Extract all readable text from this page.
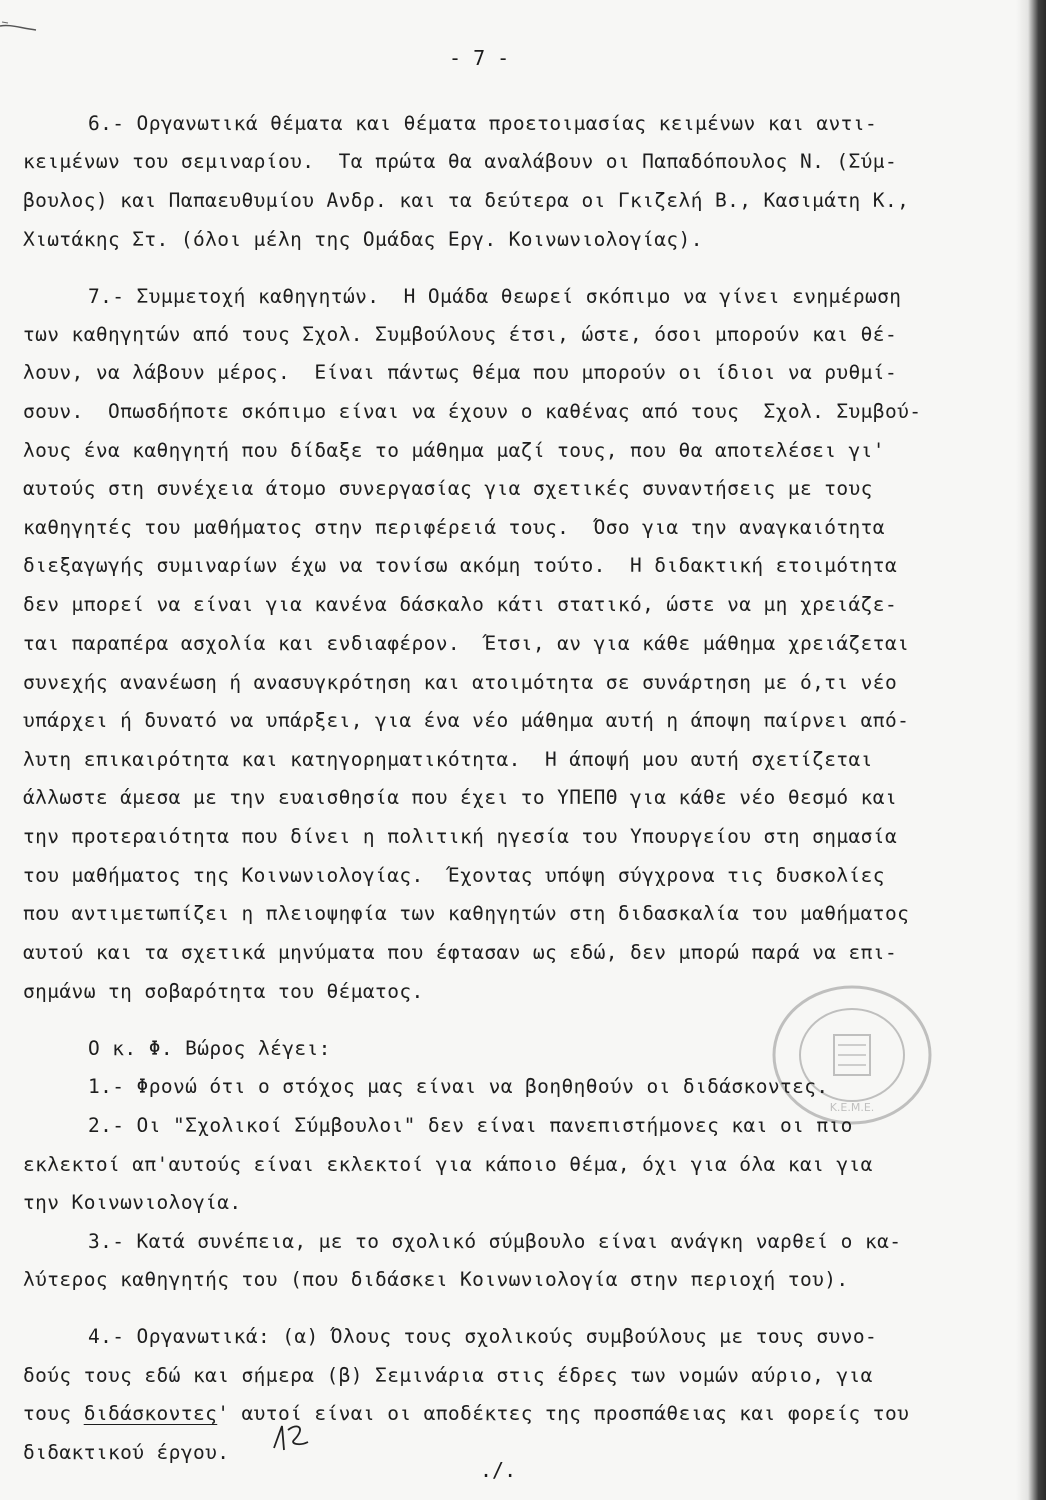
K.E.M.E.
- 7 -
6.- Οργανωτικά θέματα και θέματα προετοιμασίας κειμένων και αντι-
κειμένων του σεμιναρίου.  Τα πρώτα θα αναλάβουν οι Παπαδόπουλος Ν. (Σύμ-
βουλος) και Παπαευθυμίου Ανδρ. και τα δεύτερα οι Γκιζελή Β., Κασιμάτη Κ.,
Χιωτάκης Στ. (όλοι μέλη της Ομάδας Εργ. Κοινωνιολογίας).
7.- Συμμετοχή καθηγητών.  Η Ομάδα θεωρεί σκόπιμο να γίνει ενημέρωση
των καθηγητών από τους Σχολ. Συμβούλους έτσι, ώστε, όσοι μπορούν και θέ-
λουν, να λάβουν μέρος.  Είναι πάντως θέμα που μπορούν οι ίδιοι να ρυθμί-
σουν.  Οπωσδήποτε σκόπιμο είναι να έχουν ο καθένας από τους  Σχολ. Συμβού-
λους ένα καθηγητή που δίδαξε το μάθημα μαζί τους, που θα αποτελέσει γι'
αυτούς στη συνέχεια άτομο συνεργασίας για σχετικές συναντήσεις με τους
καθηγητές του μαθήματος στην περιφέρειά τους.  Όσο για την αναγκαιότητα
διεξαγωγής συμιναρίων έχω να τονίσω ακόμη τούτο.  Η διδακτική ετοιμότητα
δεν μπορεί να είναι για κανένα δάσκαλο κάτι στατικό, ώστε να μη χρειάζε-
ται παραπέρα ασχολία και ενδιαφέρον.  Έτσι, αν για κάθε μάθημα χρειάζεται
συνεχής ανανέωση ή ανασυγκρότηση και ατοιμότητα σε συνάρτηση με ό,τι νέο
υπάρχει ή δυνατό να υπάρξει, για ένα νέο μάθημα αυτή η άποψη παίρνει από-
λυτη επικαιρότητα και κατηγορηματικότητα.  Η άποψή μου αυτή σχετίζεται
άλλωστε άμεσα με την ευαισθησία που έχει το ΥΠΕΠΘ για κάθε νέο θεσμό και
την προτεραιότητα που δίνει η πολιτική ηγεσία του Υπουργείου στη σημασία
του μαθήματος της Κοινωνιολογίας.  Έχοντας υπόψη σύγχρονα τις δυσκολίες
που αντιμετωπίζει η πλειοψηφία των καθηγητών στη διδασκαλία του μαθήματος
αυτού και τα σχετικά μηνύματα που έφτασαν ως εδώ, δεν μπορώ παρά να επι-
σημάνω τη σοβαρότητα του θέματος.
Ο κ. Φ. Βώρος λέγει:
1.- Φρονώ ότι ο στόχος μας είναι να βοηθηθούν οι διδάσκοντες.
2.- Οι "Σχολικοί Σύμβουλοι" δεν είναι πανεπιστήμονες και οι πιο
εκλεκτοί απ'αυτούς είναι εκλεκτοί για κάποιο θέμα, όχι για όλα και για
την Κοινωνιολογία.
3.- Κατά συνέπεια, με το σχολικό σύμβουλο είναι ανάγκη ναρθεί ο κα-
λύτερος καθηγητής του (που διδάσκει Κοινωνιολογία στην περιοχή του).
4.- Οργανωτικά: (α) Όλους τους σχολικούς συμβούλους με τους συνο-
δούς τους εδώ και σήμερα (β) Σεμινάρια στις έδρες των νομών αύριο, για
τους διδάσκοντες' αυτοί είναι οι αποδέκτες της προσπάθειας και φορείς του
διδακτικού έργου.
./.
